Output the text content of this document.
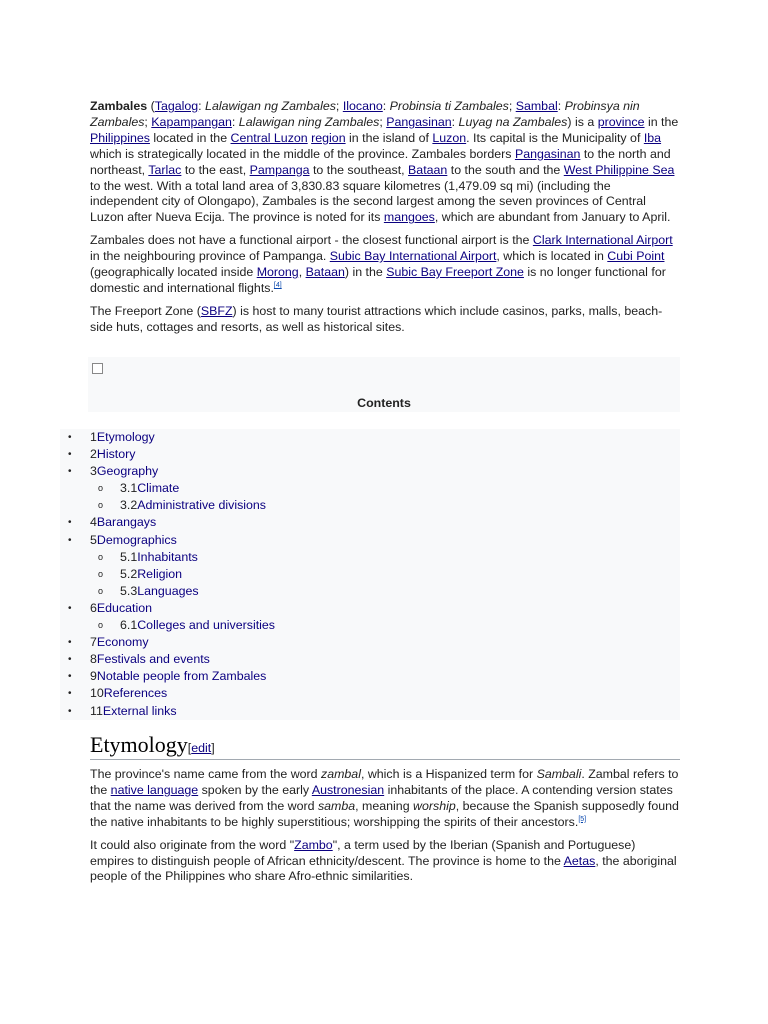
Zambales (Tagalog: Lalawigan ng Zambales; Ilocano: Probinsia ti Zambales; Sambal: Probinsya nin Zambales; Kapampangan: Lalawigan ning Zambales; Pangasinan: Luyag na Zambales) is a province in the Philippines located in the Central Luzon region in the island of Luzon. Its capital is the Municipality of Iba which is strategically located in the middle of the province. Zambales borders Pangasinan to the north and northeast, Tarlac to the east, Pampanga to the southeast, Bataan to the south and the West Philippine Sea to the west. With a total land area of 3,830.83 square kilometres (1,479.09 sq mi) (including the independent city of Olongapo), Zambales is the second largest among the seven provinces of Central Luzon after Nueva Ecija. The province is noted for its mangoes, which are abundant from January to April.

Zambales does not have a functional airport - the closest functional airport is the Clark International Airport in the neighbouring province of Pampanga. Subic Bay International Airport, which is located in Cubi Point (geographically located inside Morong, Bataan) in the Subic Bay Freeport Zone is no longer functional for domestic and international flights.[4]

The Freeport Zone (SBFZ) is host to many tourist attractions which include casinos, parks, malls, beach-side huts, cottages and resorts, as well as historical sites.

Contents
• 1Etymology
• 2History
• 3Geography
o 3.1Climate
o 3.2Administrative divisions
• 4Barangays
• 5Demographics
o 5.1Inhabitants
o 5.2Religion
o 5.3Languages
• 6Education
o 6.1Colleges and universities
• 7Economy
• 8Festivals and events
• 9Notable people from Zambales
• 10References
• 11External links
Etymology[edit]

The province's name came from the word zambal, which is a Hispanized term for Sambali. Zambal refers to the native language spoken by the early Austronesian inhabitants of the place. A contending version states that the name was derived from the word samba, meaning worship, because the Spanish supposedly found the native inhabitants to be highly superstitious; worshipping the spirits of their ancestors.[5]

It could also originate from the word "Zambo", a term used by the Iberian (Spanish and Portuguese) empires to distinguish people of African ethnicity/descent. The province is home to the Aetas, the aboriginal people of the Philippines who share Afro-ethnic similarities.
